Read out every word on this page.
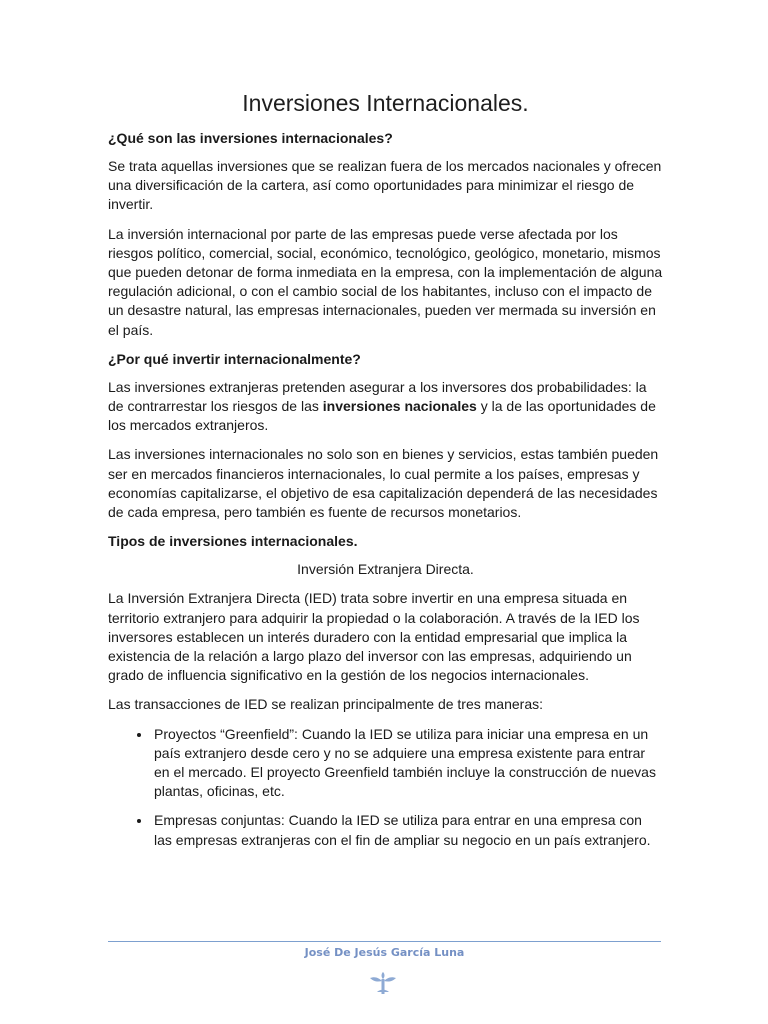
Inversiones Internacionales.
¿Qué son las inversiones internacionales?

Se trata aquellas inversiones que se realizan fuera de los mercados nacionales y ofrecen una diversificación de la cartera, así como oportunidades para minimizar el riesgo de invertir.

La inversión internacional por parte de las empresas puede verse afectada por los riesgos político, comercial, social, económico, tecnológico, geológico, monetario, mismos que pueden detonar de forma inmediata en la empresa, con la implementación de alguna regulación adicional, o con el cambio social de los habitantes, incluso con el impacto de un desastre natural, las empresas internacionales, pueden ver mermada su inversión en el país.

¿Por qué invertir internacionalmente?

Las inversiones extranjeras pretenden asegurar a los inversores dos probabilidades: la de contrarrestar los riesgos de las inversiones nacionales y la de las oportunidades de los mercados extranjeros.

Las inversiones internacionales no solo son en bienes y servicios, estas también pueden ser en mercados financieros internacionales, lo cual permite a los países, empresas y economías capitalizarse, el objetivo de esa capitalización dependerá de las necesidades de cada empresa, pero también es fuente de recursos monetarios.

Tipos de inversiones internacionales.

Inversión Extranjera Directa.

La Inversión Extranjera Directa (IED) trata sobre invertir en una empresa situada en territorio extranjero para adquirir la propiedad o la colaboración. A través de la IED los inversores establecen un interés duradero con la entidad empresarial que implica la existencia de la relación a largo plazo del inversor con las empresas, adquiriendo un grado de influencia significativo en la gestión de los negocios internacionales.

Las transacciones de IED se realizan principalmente de tres maneras:

• Proyectos “Greenfield”: Cuando la IED se utiliza para iniciar una empresa en un país extranjero desde cero y no se adquiere una empresa existente para entrar en el mercado. El proyecto Greenfield también incluye la construcción de nuevas plantas, oficinas, etc.
• Empresas conjuntas: Cuando la IED se utiliza para entrar en una empresa con las empresas extranjeras con el fin de ampliar su negocio en un país extranjero.
José De Jesús García Luna
